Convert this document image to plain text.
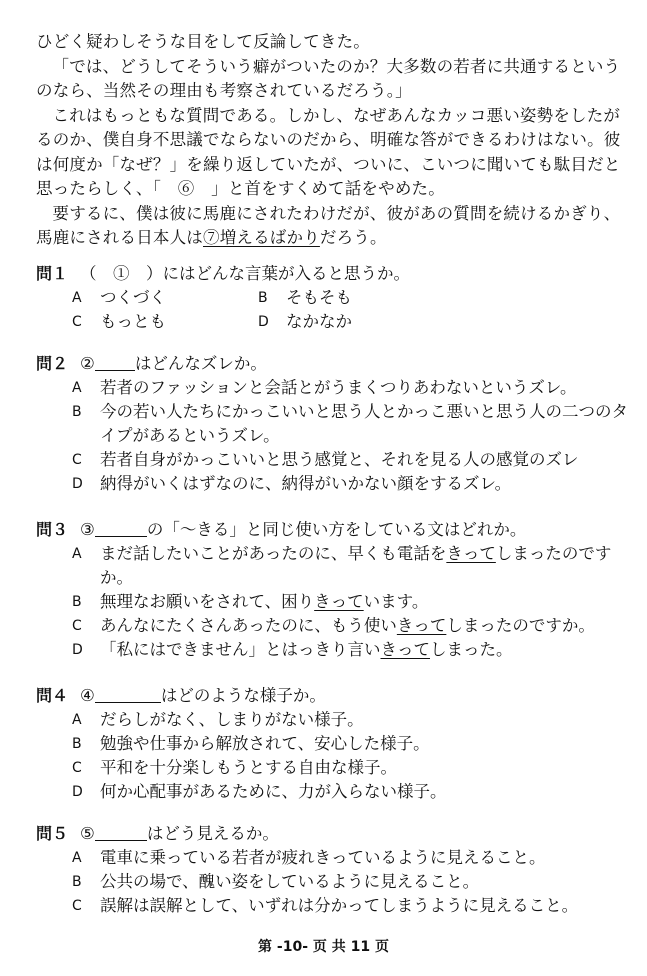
ひどく疑わしそうな目をして反論してきた。

「では、どうしてそういう癖がついたのか？大多数の若者に共通するというのなら、当然その理由も考察されているだろう。」

これはもっともな質問である。しかし、なぜあんなカッコ悪い姿勢をしたがるのか、僕自身不思議でならないのだから、明確な答ができるわけはない。彼は何度か「なぜ？」を繰り返していたが、ついに、こいつに聞いても駄目だと思ったらしく、「　⑥　」と首をすくめて話をやめた。

要するに、僕は彼に馬鹿にされたわけだが、彼があの質問を続けるかぎり、馬鹿にされる日本人は⑦増えるばかりだろう。

問１ （　①　）にはどんな言葉が入ると思うか。
A	つくづく	B	そもそも
C	もっとも	D	なかなか
問２ ② はどんなズレか。
A	若者のファッションと会話とがうまくつりあわないというズレ。
B	今の若い人たちにかっこいいと思う人とかっこ悪いと思う人の二つのタイプがあるというズレ。
C	若者自身がかっこいいと思う感覚と、それを見る人の感覚のズレ
D	納得がいくはずなのに、納得がいかない顔をするズレ。
問３ ③	の「〜きる」と同じ使い方をしている文はどれか。
A	まだ話したいことがあったのに、早くも電話をきってしまったのですか。
B	無理なお願いをされて、困りきっています。
C	あんなにたくさんあったのに、もう使いきってしまったのですか。
D	「私にはできません」とはっきり言いきってしまった。
問４ ④	はどのような様子か。
A	だらしがなく、しまりがない様子。
B	勉強や仕事から解放されて、安心した様子。
C	平和を十分楽しもうとする自由な様子。
D	何か心配事があるために、力が入らない様子。
問５ ⑤	はどう見えるか。
A	電車に乗っている若者が疲れきっているように見えること。
B	公共の場で、醜い姿をしているように見えること。
C	誤解は誤解として、いずれは分かってしまうように見えること。
第 -10- 页 共 11 页
